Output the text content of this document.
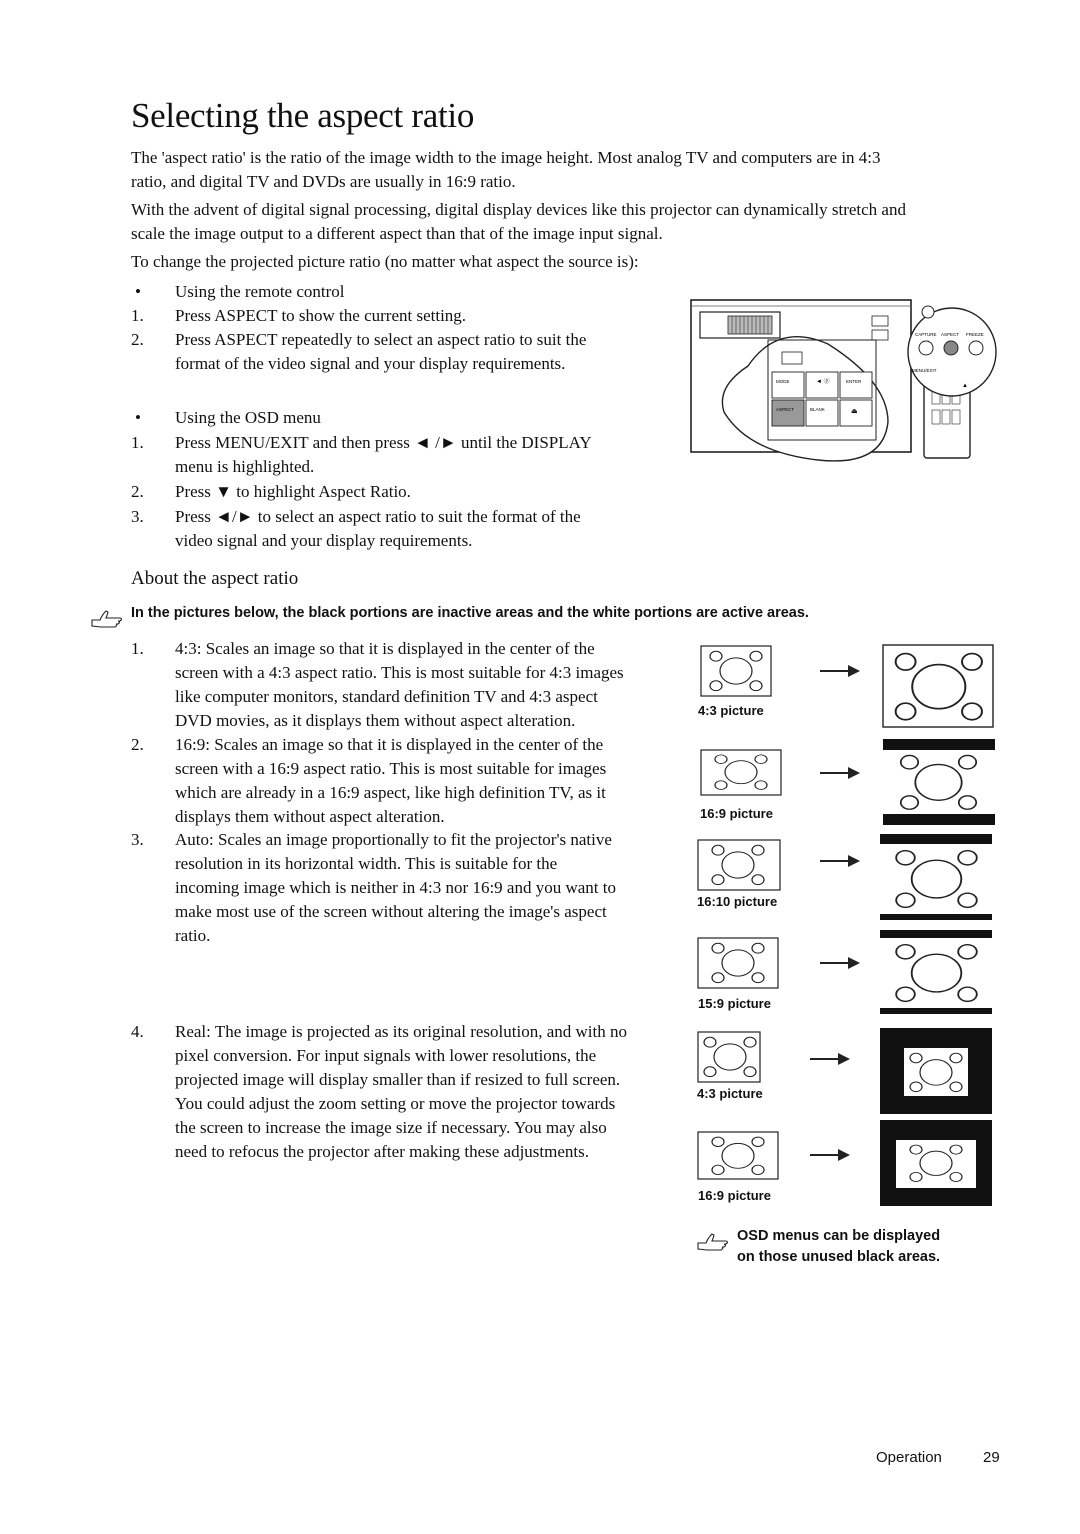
Selecting the aspect ratio
The 'aspect ratio' is the ratio of the image width to the image height. Most analog TV and computers are in 4:3
ratio, and digital TV and DVDs are usually in 16:9 ratio.
With the advent of digital signal processing, digital display devices like this projector can dynamically stretch and
scale the image output to a different aspect than that of the image input signal.
To change the projected picture ratio (no matter what aspect the source is):
• Using the remote control
1. Press ASPECT to show the current setting.
2. Press ASPECT repeatedly to select an aspect ratio to suit the
format of the video signal and your display requirements.
• Using the OSD menu
1. Press MENU/EXIT and then press ◄ /► until the DISPLAY
menu is highlighted.
2. Press ▼ to highlight Aspect Ratio.
3. Press ◄/► to select an aspect ratio to suit the format of the
video signal and your display requirements.
MODE	◄ ⓟ	ENTER
ASPECT	BLANK	⏏
CAPTURE ASPECT FREEZE
MENU/EXIT
▲
About the aspect ratio
In the pictures below, the black portions are inactive areas and the white portions are active areas.
1. 4:3: Scales an image so that it is displayed in the center of the
screen with a 4:3 aspect ratio. This is most suitable for 4:3 images
like computer monitors, standard definition TV and 4:3 aspect
DVD movies, as it displays them without aspect alteration.
2. 16:9: Scales an image so that it is displayed in the center of the
screen with a 16:9 aspect ratio. This is most suitable for images
which are already in a 16:9 aspect, like high definition TV, as it
displays them without aspect alteration.
3. Auto: Scales an image proportionally to fit the projector's native
resolution in its horizontal width. This is suitable for the
incoming image which is neither in 4:3 nor 16:9 and you want to
make most use of the screen without altering the image's aspect
ratio.
4. Real: The image is projected as its original resolution, and with no
pixel conversion. For input signals with lower resolutions, the
projected image will display smaller than if resized to full screen.
You could adjust the zoom setting or move the projector towards
the screen to increase the image size if necessary. You may also
need to refocus the projector after making these adjustments.
4:3 picture
16:9 picture
16:10 picture
15:9 picture
4:3 picture
16:9 picture
OSD menus can be displayed
on those unused black areas.
Operation	29
